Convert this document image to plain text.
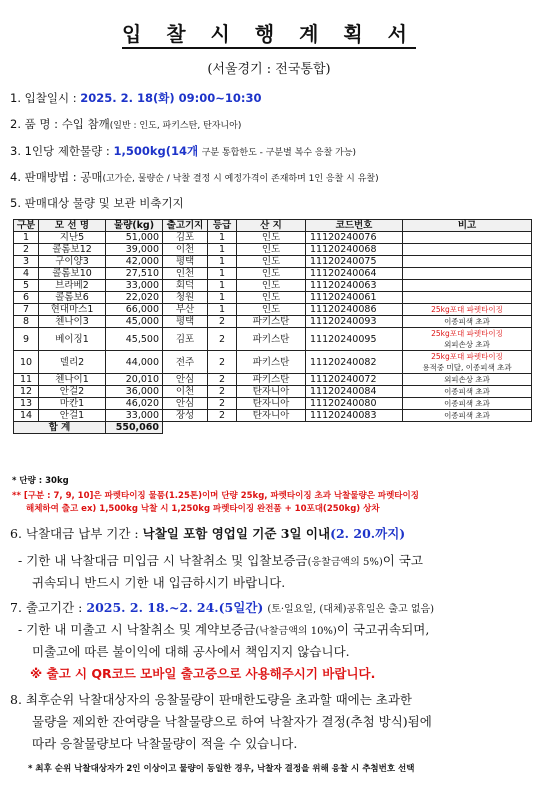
입 찰 시 행 계 획 서
(서울경기 : 전국통합)
1. 입찰일시 : 2025. 2. 18(화) 09:00~10:30
2. 품 명 : 수입 참깨(일반 : 인도, 파키스탄, 탄자니아)
3. 1인당 제한물량 : 1,500kg(14개 구분 통합한도 - 구분별 복수 응찰 가능)
4. 판매방법 : 공매(고가순, 물량순 / 낙찰 결정 시 예정가격이 존재하며 1인 응찰 시 유찰)
5. 판매대상 물량 및 보관 비축기지
구분	모 선 명	물량(kg)	출고기지	등급	산 지	코드번호	비고
1	지난5	51,000	김포	1	인도	11120240076	

2	콜롬보12	39,000	이천	1	인도	11120240068	

3	구이양3	42,000	평택	1	인도	11120240075	

4	콜롬보10	27,510	인천	1	인도	11120240064	

5	브라베2	33,000	회덕	1	인도	11120240063	

6	콜롬보6	22,020	청원	1	인도	11120240061	

7	현대마스1	66,000	부산	1	인도	11120240086	25kg포대 파렛타이징

8	첸나이3	45,000	평택	2	파키스탄	11120240093	이종피색 초과

9	베이징1	45,500	김포	2	파키스탄	11120240095	25kg포대 파렛타이징
외피손상 초과

10	델리2	44,000	전주	2	파키스탄	11120240082	25kg포대 파렛타이징
용적중 미달, 이종피색 초과

11	첸나이1	20,010	안심	2	파키스탄	11120240072	외피손상 초과

12	안걸2	36,000	이천	2	탄자니아	11120240084	이종피색 초과

13	마칸1	46,020	안심	2	탄자니아	11120240080	이종피색 초과

14	안걸1	33,000	장성	2	탄자니아	11120240083	이종피색 초과

합 계		550,060					
* 단량 : 30kg
** [구분 : 7, 9, 10]은 파렛타이징 물품(1.25톤)이며 단량 25kg, 파렛타이징 초과 낙찰물량은 파렛타이징
해체하여 출고 ex) 1,500kg 낙찰 시 1,250kg 파렛타이징 완전품 + 10포대(250kg) 상차
6. 낙찰대금 납부 기간 : 낙찰일 포함 영업일 기준 3일 이내(2. 20.까지)
- 기한 내 낙찰대금 미입금 시 낙찰취소 및 입찰보증금(응찰금액의 5%)이 국고
귀속되니 반드시 기한 내 입금하시기 바랍니다.
7. 출고기간 : 2025. 2. 18.~2. 24.(5일간) (토·일요일, (대체)공휴일은 출고 없음)
- 기한 내 미출고 시 낙찰취소 및 계약보증금(낙찰금액의 10%)이 국고귀속되며,
미출고에 따른 불이익에 대해 공사에서 책임지지 않습니다.
※ 출고 시 QR코드 모바일 출고증으로 사용해주시기 바랍니다.
8. 최후순위 낙찰대상자의 응찰물량이 판매한도량을 초과할 때에는 초과한
물량을 제외한 잔여량을 낙찰물량으로 하여 낙찰자가 결정(추첨 방식)됨에
따라 응찰물량보다 낙찰물량이 적을 수 있습니다.
* 최후 순위 낙찰대상자가 2인 이상이고 물량이 동일한 경우, 낙찰자 결정을 위해 응찰 시 추첨번호 선택
